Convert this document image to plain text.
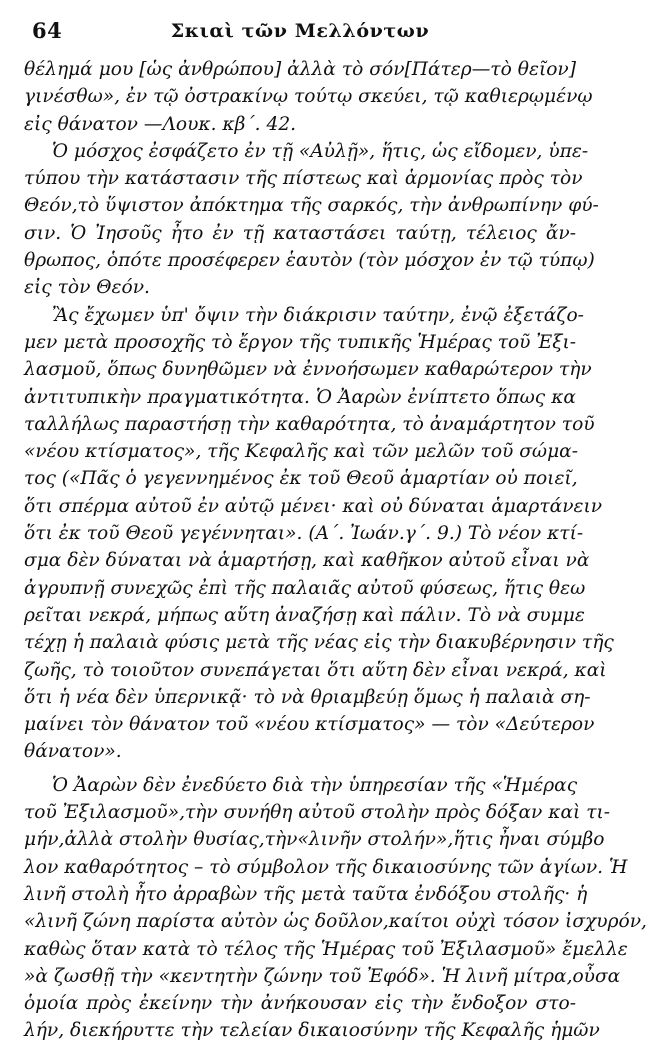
64	Σκιαὶ τῶν Μελλόντων
θέλημά μου [ὡς ἀνθρώπου] ἀλλὰ τὸ σόν[Πάτερ—τὸ θεῖον]
γινέσθω», ἐν τῷ ὀστρακίνῳ τούτῳ σκεύει, τῷ καθιερῳμένῳ
εἰς θάνατον —Λουκ. κβ΄. 42.
Ὁ μόσχος ἐσφάζετο ἐν τῇ «Αὐλῇ», ἥτις, ὡς εἴδομεν, ὑπε-
τύπου τὴν κατάστασιν τῆς πίστεως καὶ ἁρμονίας πρὸς τὸν
Θεόν,τὸ ὕψιστον ἀπόκτημα τῆς σαρκός, τὴν ἀνθρωπίνην φύ-
σιν. Ὁ Ἰησοῦς ἦτο ἐν τῇ καταστάσει ταύτῃ, τέλειος ἄν-
θρωπος, ὁπότε προσέφερεν ἑαυτὸν (τὸν μόσχον ἐν τῷ τύπῳ)
εἰς τὸν Θεόν.
Ἂς ἔχωμεν ὑπ' ὄψιν τὴν διάκρισιν ταύτην, ἐνῷ ἐξετάζο-
μεν μετὰ προσοχῆς τὸ ἔργον τῆς τυπικῆς Ἡμέρας τοῦ Ἐξι-
λασμοῦ, ὅπως δυνηθῶμεν νὰ ἐννοήσωμεν καθαρώτερον τὴν
ἀντιτυπικὴν πραγματικότητα. Ὁ Ἀαρὼν ἐνίπτετο ὅπως κα
ταλλήλως παραστήσῃ τὴν καθαρότητα, τὸ ἀναμάρτητον τοῦ
«νέου κτίσματος», τῆς Κεφαλῆς καὶ τῶν μελῶν τοῦ σώμα-
τος («Πᾶς ὁ γεγεννημένος ἐκ τοῦ Θεοῦ ἁμαρτίαν οὐ ποιεῖ,
ὅτι σπέρμα αὐτοῦ ἐν αὐτῷ μένει· καὶ οὐ δύναται ἁμαρτάνειν
ὅτι ἐκ τοῦ Θεοῦ γεγέννηται». (Α΄. Ἰωάν.γ΄. 9.) Τὸ νέον κτί-
σμα δὲν δύναται νὰ ἁμαρτήσῃ, καὶ καθῆκον αὐτοῦ εἶναι νὰ
ἀγρυπνῇ συνεχῶς ἐπὶ τῆς παλαιᾶς αὐτοῦ φύσεως, ἥτις θεω
ρεῖται νεκρά, μήπως αὕτη ἀναζήσῃ καὶ πάλιν. Τὸ νὰ συμμε
τέχῃ ἡ παλαιὰ φύσις μετὰ τῆς νέας εἰς τὴν διακυβέρνησιν τῆς
ζωῆς, τὸ τοιοῦτον συνεπάγεται ὅτι αὕτη δὲν εἶναι νεκρά, καὶ
ὅτι ἡ νέα δὲν ὑπερνικᾷ· τὸ νὰ θριαμβεύῃ ὅμως ἡ παλαιὰ ση-
μαίνει τὸν θάνατον τοῦ «νέου κτίσματος» — τὸν «Δεύτερον
θάνατον».
Ὁ Ἀαρὼν δὲν ἐνεδύετο διὰ τὴν ὑπηρεσίαν τῆς «Ἡμέρας
τοῦ Ἐξιλασμοῦ»,τὴν συνήθη αὐτοῦ στολὴν πρὸς δόξαν καὶ τι-
μήν,ἀλλὰ στολὴν θυσίας,τὴν«λινῆν στολήν»,ἥτις ἦναι σύμβο
λον καθαρότητος – τὸ σύμβολον τῆς δικαιοσύνης τῶν ἁγίων. Ἡ
λινῆ στολὴ ἦτο ἀρραβὼν τῆς μετὰ ταῦτα ἐνδόξου στολῆς· ἡ
«λινῆ ζώνη παρίστα αὐτὸν ὡς δοῦλον,καίτοι οὐχὶ τόσον ἰσχυρόν,
καθὼς ὅταν κατὰ τὸ τέλος τῆς Ἡμέρας τοῦ Ἐξιλασμοῦ» ἔμελλε
»ὰ ζωσθῇ τὴν «κεντητὴν ζώνην τοῦ Ἐφόδ». Ἡ λινῆ μίτρα,οὖσα
ὁμοία πρὸς ἐκείνην τὴν ἀνήκουσαν εἰς τὴν ἔνδοξον στο-
λήν, διεκήρυττε τὴν τελείαν δικαιοσύνην τῆς Κεφαλῆς ἡμῶν
